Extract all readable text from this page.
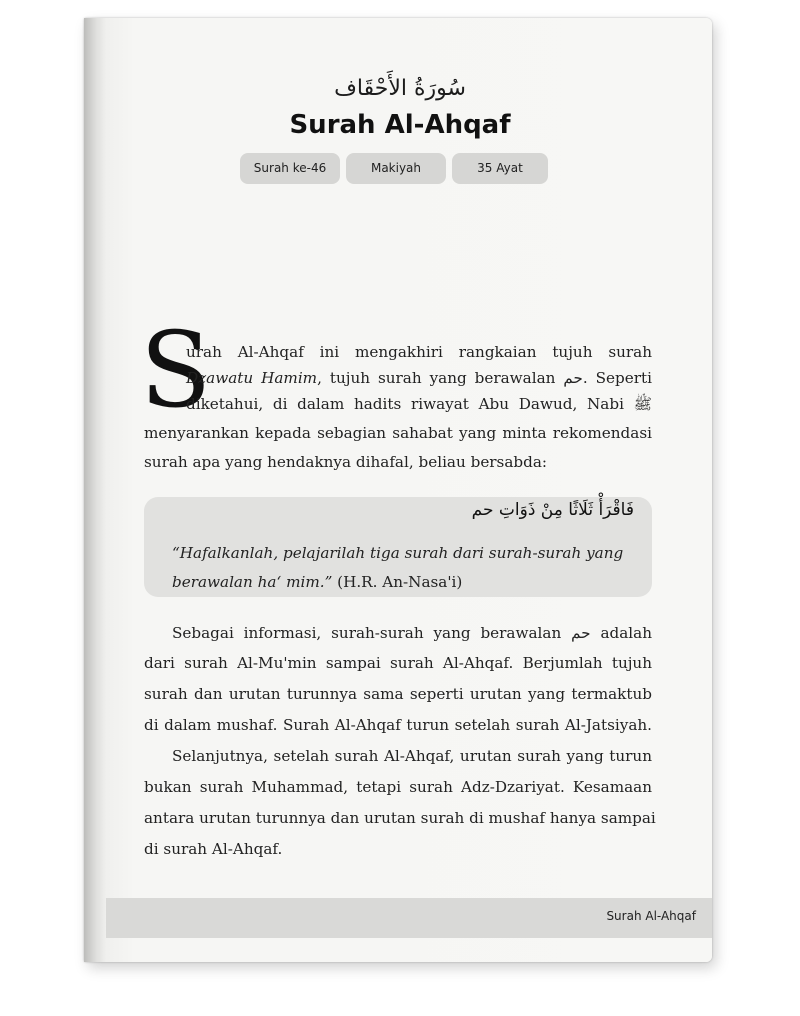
سُورَةُ الأَحْقَاف
Surah Al-Ahqaf
Surah ke-46	Makiyah	35 Ayat
S
urah Al-Ahqaf ini mengakhiri rangkaian tujuh surah
Dzawatu Hamim, tujuh surah yang berawalan حم. Seperti
diketahui, di dalam hadits riwayat Abu Dawud, Nabi ﷺ
menyarankan kepada sebagian sahabat yang minta rekomendasi
surah apa yang hendaknya dihafal, beliau bersabda:
فَاقْرَأْ ثَلَاثًا مِنْ ذَوَاتِ حم
“Hafalkanlah, pelajarilah tiga surah dari surah-surah yang
berawalan ha‘ mim.” (H.R. An-Nasa'i)
Sebagai informasi, surah-surah yang berawalan حم adalah
dari surah Al-Mu'min sampai surah Al-Ahqaf. Berjumlah tujuh
surah dan urutan turunnya sama seperti urutan yang termaktub
di dalam mushaf. Surah Al-Ahqaf turun setelah surah Al-Jatsiyah.
Selanjutnya, setelah surah Al-Ahqaf, urutan surah yang turun
bukan surah Muhammad, tetapi surah Adz-Dzariyat. Kesamaan
antara urutan turunnya dan urutan surah di mushaf hanya sampai
di surah Al-Ahqaf.
Surah Al-Ahqaf
